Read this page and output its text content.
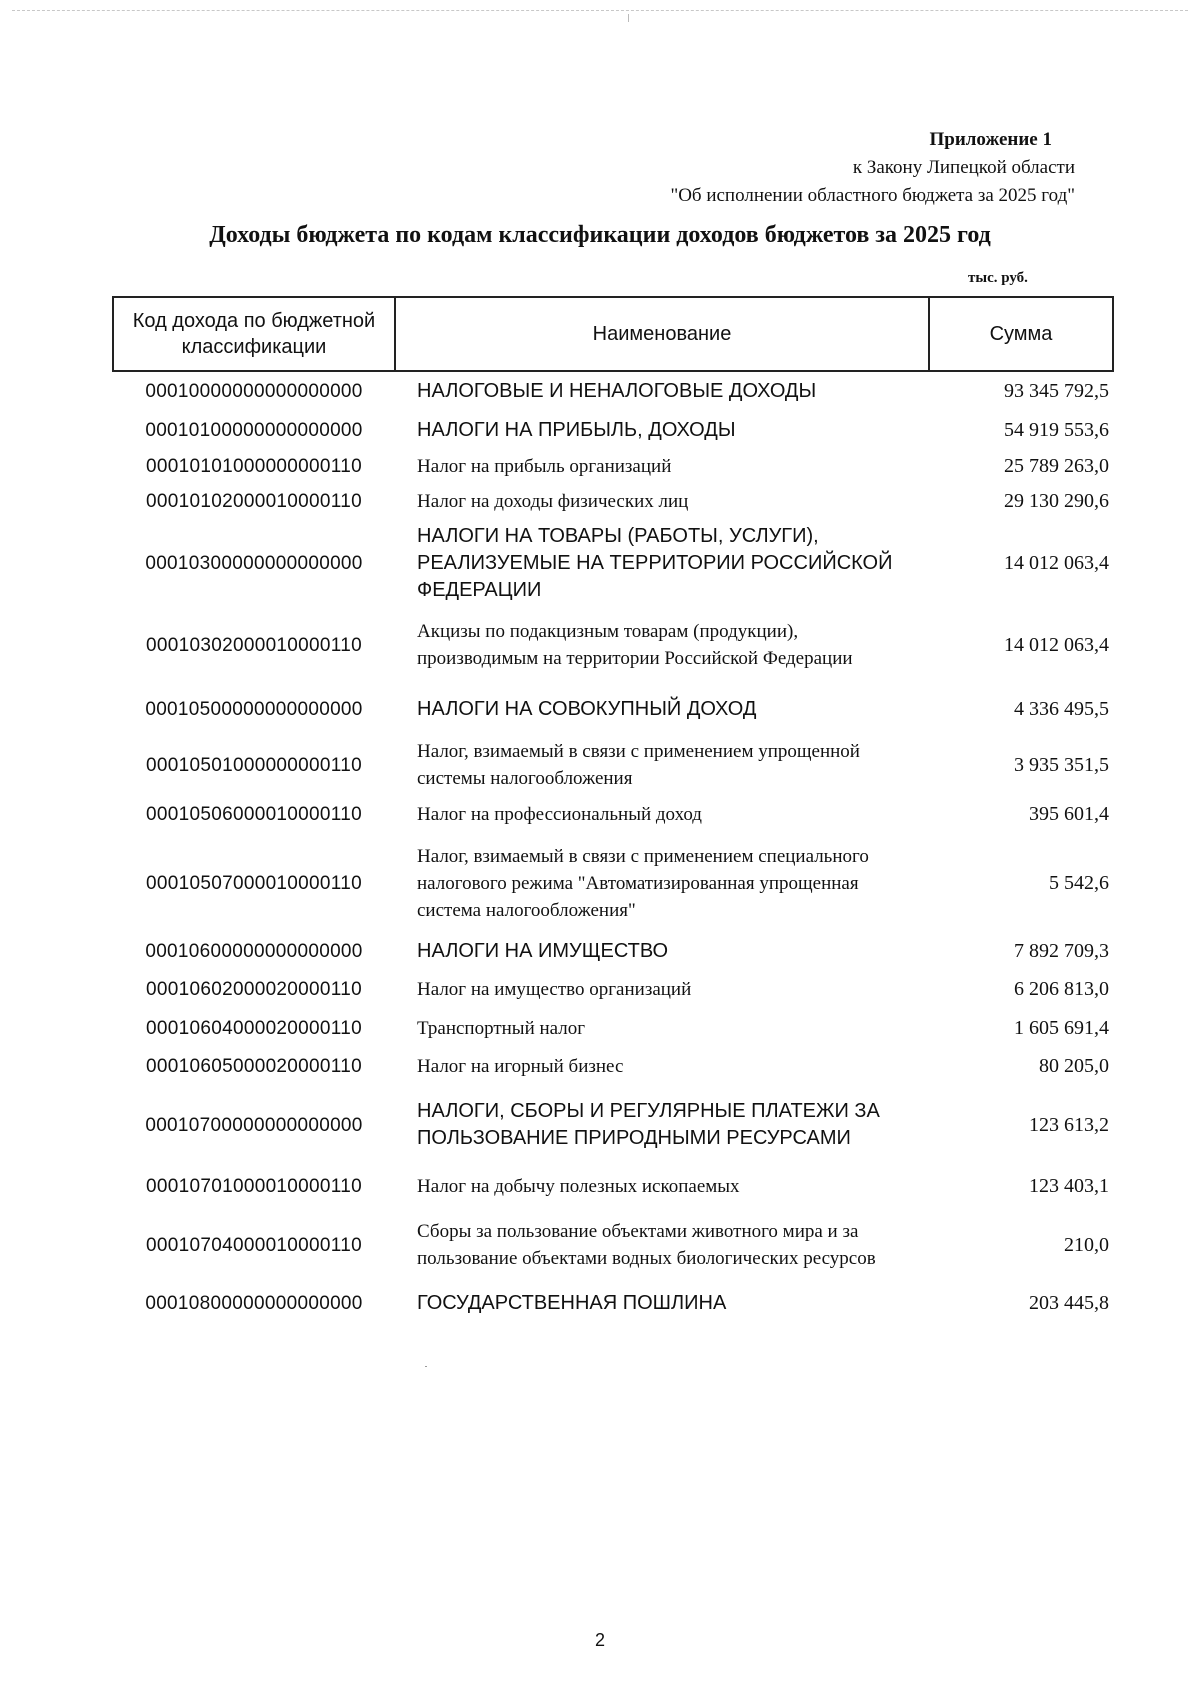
Приложение 1
к Закону Липецкой области
"Об исполнении областного бюджета за 2025 год"
Доходы бюджета по кодам классификации доходов бюджетов за 2025 год
тыс. руб.
Код дохода по бюджетной классификации	Наименование	Сумма
00010000000000000000	НАЛОГОВЫЕ И НЕНАЛОГОВЫЕ ДОХОДЫ	93 345 792,5
00010100000000000000	НАЛОГИ НА ПРИБЫЛЬ, ДОХОДЫ	54 919 553,6
00010101000000000110	Налог на прибыль организаций	25 789 263,0
00010102000010000110	Налог на доходы физических лиц	29 130 290,6
00010300000000000000	НАЛОГИ НА ТОВАРЫ (РАБОТЫ, УСЛУГИ), РЕАЛИЗУЕМЫЕ НА ТЕРРИТОРИИ РОССИЙСКОЙ ФЕДЕРАЦИИ	14 012 063,4
00010302000010000110	Акцизы по подакцизным товарам (продукции), производимым на территории Российской Федерации	14 012 063,4
00010500000000000000	НАЛОГИ НА СОВОКУПНЫЙ ДОХОД	4 336 495,5
00010501000000000110	Налог, взимаемый в связи с применением упрощенной системы налогообложения	3 935 351,5
00010506000010000110	Налог на профессиональный доход	395 601,4
00010507000010000110	Налог, взимаемый в связи с применением специального налогового режима "Автоматизированная упрощенная система налогообложения"	5 542,6
00010600000000000000	НАЛОГИ НА ИМУЩЕСТВО	7 892 709,3
00010602000020000110	Налог на имущество организаций	6 206 813,0
00010604000020000110	Транспортный налог	1 605 691,4
00010605000020000110	Налог на игорный бизнес	80 205,0
00010700000000000000	НАЛОГИ, СБОРЫ И РЕГУЛЯРНЫЕ ПЛАТЕЖИ ЗА ПОЛЬЗОВАНИЕ ПРИРОДНЫМИ РЕСУРСАМИ	123 613,2
00010701000010000110	Налог на добычу полезных ископаемых	123 403,1
00010704000010000110	Сборы за пользование объектами животного мира и за пользование объектами водных биологических ресурсов	210,0
00010800000000000000	ГОСУДАРСТВЕННАЯ ПОШЛИНА	203 445,8
2
